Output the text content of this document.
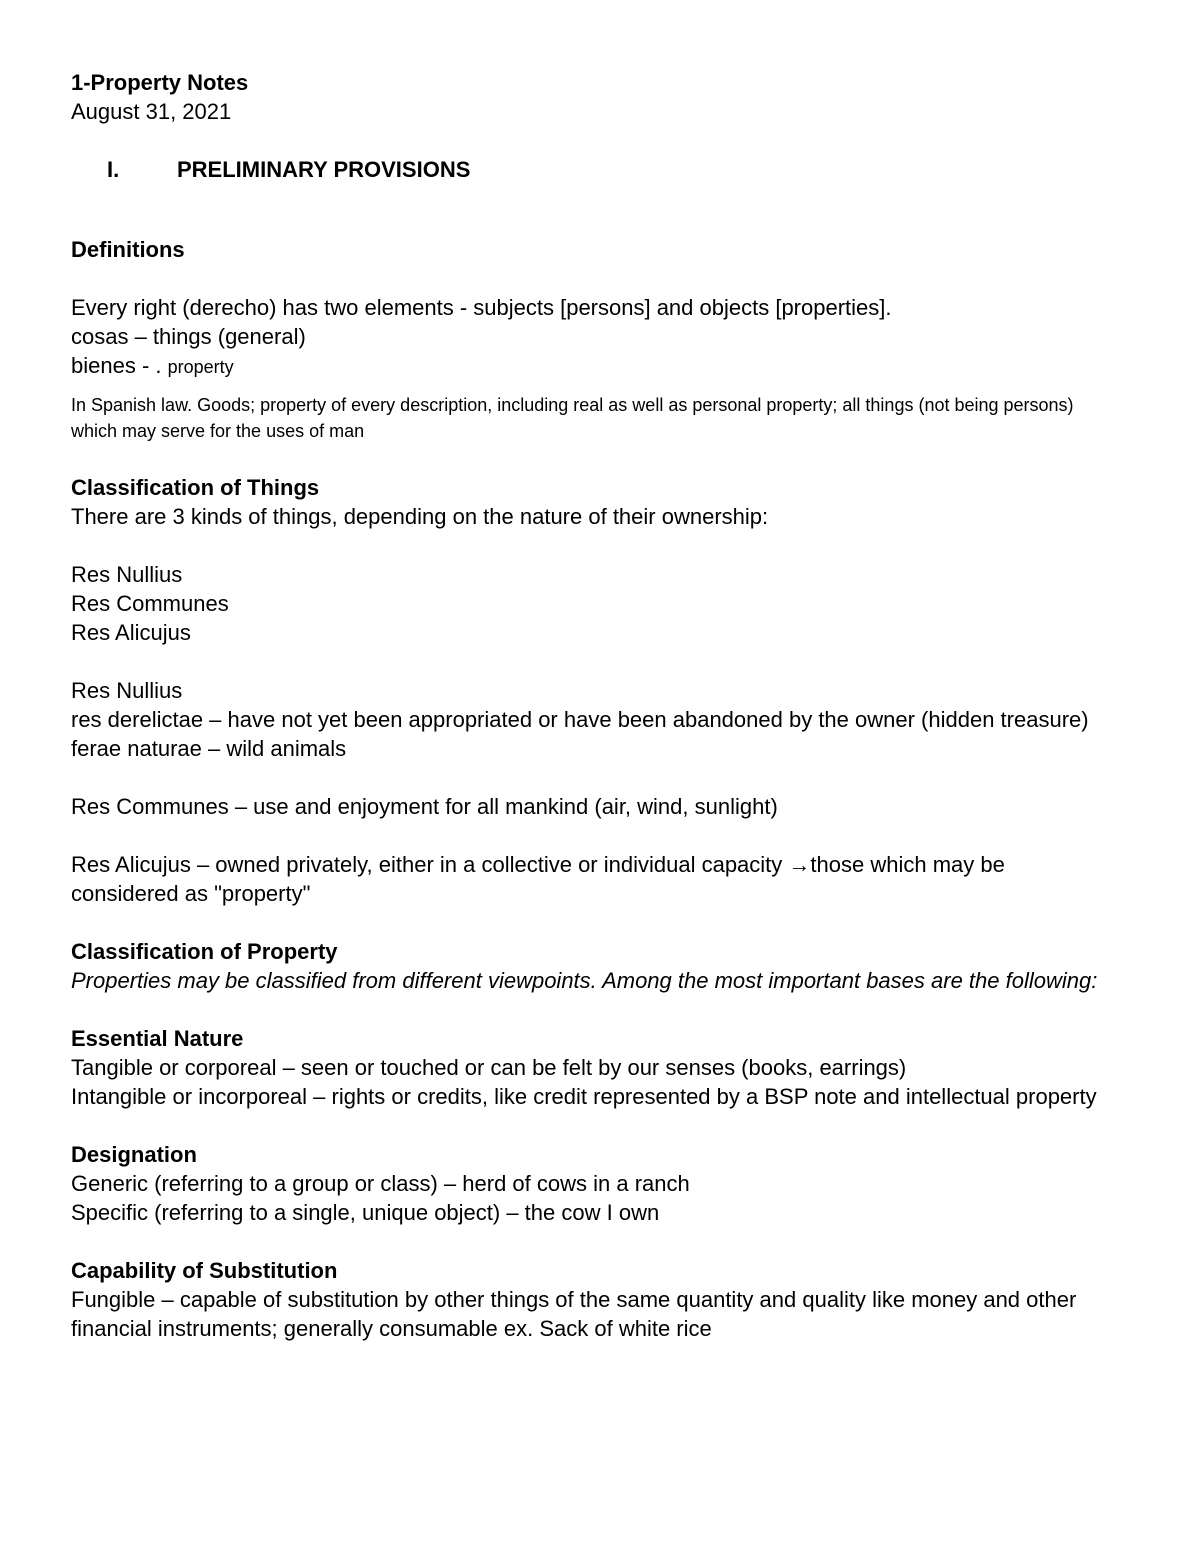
1-Property Notes

August 31, 2021

I.	PRELIMINARY PROVISIONS

Definitions

Every right (derecho) has two elements - subjects [persons] and objects [properties].

cosas – things (general)

bienes - . property

In Spanish law. Goods; property of every description, including real as well as personal property; all things (not being persons) which may serve for the uses of man

Classification of Things

There are 3 kinds of things, depending on the nature of their ownership:

Res Nullius

Res Communes

Res Alicujus

Res Nullius

res derelictae – have not yet been appropriated or have been abandoned by the owner (hidden treasure)

ferae naturae – wild animals

Res Communes – use and enjoyment for all mankind (air, wind, sunlight)

Res Alicujus – owned privately, either in a collective or individual capacity →those which may be

considered as "property"

Classification of Property

Properties may be classified from different viewpoints. Among the most important bases are the following:

Essential Nature

Tangible or corporeal – seen or touched or can be felt by our senses (books, earrings)

Intangible or incorporeal – rights or credits, like credit represented by a BSP note and intellectual property

Designation

Generic (referring to a group or class) – herd of cows in a ranch

Specific (referring to a single, unique object) – the cow I own

Capability of Substitution

Fungible – capable of substitution by other things of the same quantity and quality like money and other financial instruments; generally consumable ex. Sack of white rice
